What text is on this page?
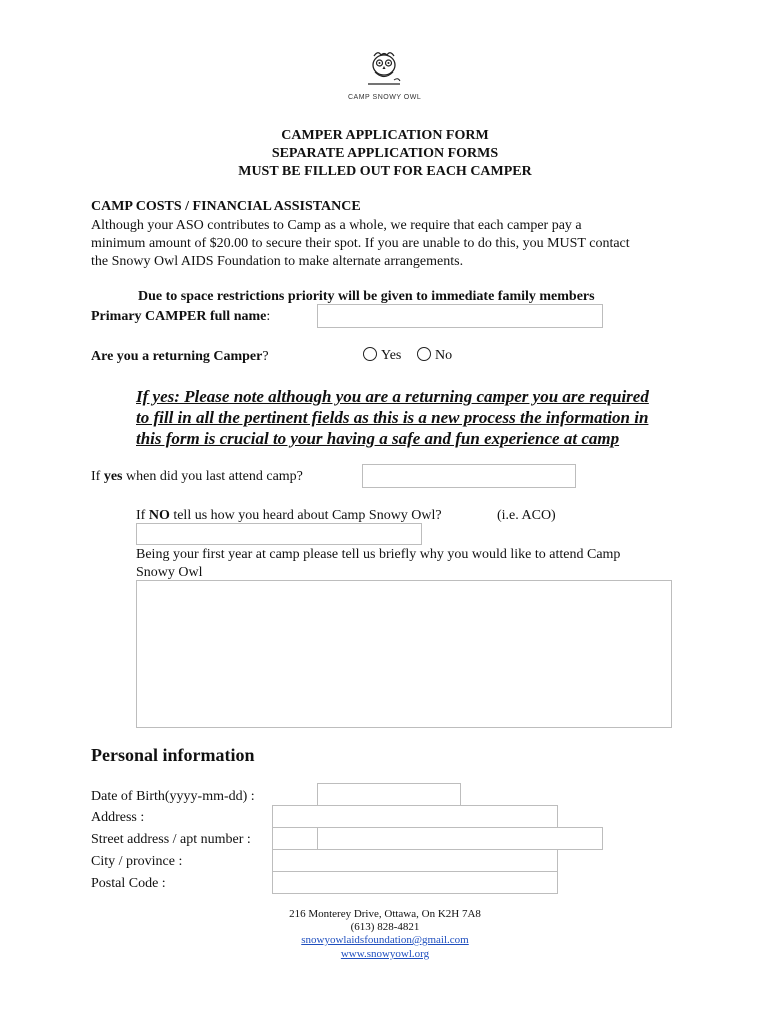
CAMP SNOWY OWL
CAMPER APPLICATION FORM
SEPARATE APPLICATION FORMS
MUST BE FILLED OUT FOR EACH CAMPER
CAMP COSTS / FINANCIAL ASSISTANCE
Although your ASO contributes to Camp as a whole, we require that each camper pay a
minimum amount of $20.00 to secure their spot. If you are unable to do this, you MUST contact
the Snowy Owl AIDS Foundation to make alternate arrangements.
Due to space restrictions priority will be given to immediate family members
Primary CAMPER full name:
Are you a returning Camper?	Yes	No
If yes: Please note although you are a returning camper you are required
to fill in all the pertinent fields as this is a new process the information in
this form is crucial to your having a safe and fun experience at camp
If yes when did you last attend camp?
If NO tell us how you heard about Camp Snowy Owl?	(i.e. ACO)
Being your first year at camp please tell us briefly why you would like to attend Camp
Snowy Owl
Personal information
Date of Birth(yyyy-mm-dd) :
Address :
Street address / apt number :
City / province :
Postal Code :
216 Monterey Drive, Ottawa, On K2H 7A8
(613) 828-4821
snowyowlaidsfoundation@gmail.com
www.snowyowl.org
